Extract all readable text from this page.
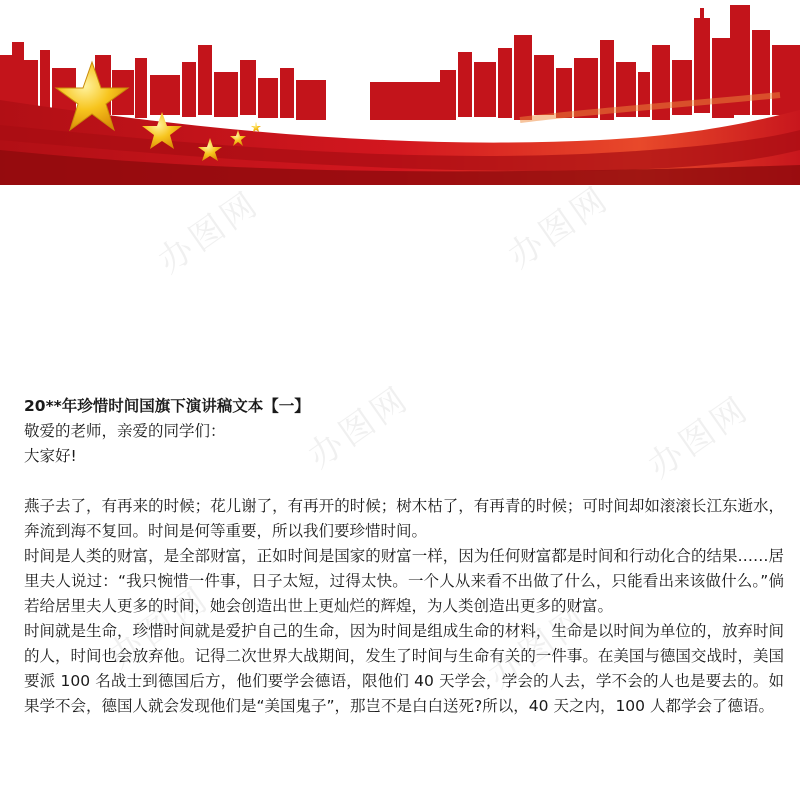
办图网	办图网
办图网	办图网
办图网	办图网

20**年珍惜时间国旗下演讲稿文本【一】

敬爱的老师，亲爱的同学们：

大家好!

燕子去了，有再来的时候；花儿谢了，有再开的时候；树木枯了，有再青的时候；可时间却如滚滚长江东逝水，奔流到海不复回。时间是何等重要，所以我们要珍惜时间。

时间是人类的财富，是全部财富，正如时间是国家的财富一样，因为任何财富都是时间和行动化合的结果……居里夫人说过：“我只惋惜一件事，日子太短，过得太快。一个人从来看不出做了什么，只能看出来该做什么。”倘若给居里夫人更多的时间，她会创造出世上更灿烂的辉煌，为人类创造出更多的财富。

时间就是生命，珍惜时间就是爱护自己的生命，因为时间是组成生命的材料，生命是以时间为单位的，放弃时间的人，时间也会放弃他。记得二次世界大战期间，发生了时间与生命有关的一件事。在美国与德国交战时，美国要派 100 名战士到德国后方，他们要学会德语，限他们 40 天学会，学会的人去，学不会的人也是要去的。如果学不会，德国人就会发现他们是“美国鬼子”，那岂不是白白送死?所以，40 天之内，100 人都学会了德语。
